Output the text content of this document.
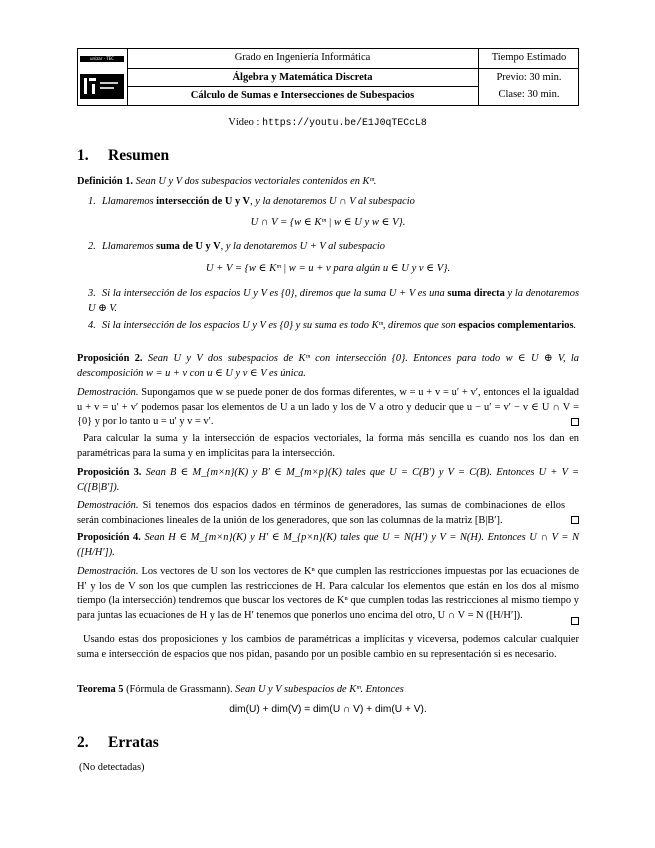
unizar · TEC	Grado en Ingeniería Informática
Álgebra y Matemática Discreta
Cálculo de Sumas e Intersecciones de Subespacios
Tiempo Estimado
Previo: 30 min.
Clase: 30 min.
Vídeo : https://youtu.be/E1J0qTECcL8
1. Resumen
Definición 1. Sean U y V dos subespacios vectoriales contenidos en Kᵐ.
1. Llamaremos intersección de U y V, y la denotaremos U ∩ V al subespacio
U ∩ V = {w ∈ Kᵐ | w ∈ U y w ∈ V}.
2. Llamaremos suma de U y V, y la denotaremos U + V al subespacio
U + V = {w ∈ Kᵐ | w = u + v para algún u ∈ U y v ∈ V}.
3. Si la intersección de los espacios U y V es {0}, diremos que la suma U + V es una suma directa y la denotaremos U ⊕ V.
4. Si la intersección de los espacios U y V es {0} y su suma es todo Kᵐ, diremos que son espacios complementarios.
Proposición 2. Sean U y V dos subespacios de Kᵐ con intersección {0}. Entonces para todo w ∈ U ⊕ V, la descomposición w = u + v con u ∈ U y v ∈ V es única.
Demostración. Supongamos que w se puede poner de dos formas diferentes, w = u + v = u′ + v′, entonces el la igualdad u + v = u′ + v′ podemos pasar los elementos de U a un lado y los de V a otro y deducir que u − u′ = v′ − v ∈ U ∩ V = {0} y por lo tanto u = u′ y v = v′.
Para calcular la suma y la intersección de espacios vectoriales, la forma más sencilla es cuando nos los dan en paramétricas para la suma y en implícitas para la intersección.
Proposición 3. Sean B ∈ M_{m×n}(K) y B′ ∈ M_{m×p}(K) tales que U = C(B′) y V = C(B). Entonces U + V = C([B|B′]).
Demostración. Si tenemos dos espacios dados en términos de generadores, las sumas de combinaciones de ellos serán combinaciones lineales de la unión de los generadores, que son las columnas de la matriz [B|B′].
Proposición 4. Sean H ∈ M_{m×n}(K) y H′ ∈ M_{p×n}(K) tales que U = N(H′) y V = N(H). Entonces U ∩ V = N ([H/H′]).
Demostración. Los vectores de U son los vectores de Kⁿ que cumplen las restricciones impuestas por las ecuaciones de H′ y los de V son los que cumplen las restricciones de H. Para calcular los elementos que están en los dos al mismo tiempo (la intersección) tendremos que buscar los vectores de Kⁿ que cumplen todas las restricciones al mismo tiempo y para juntas las ecuaciones de H y las de H′ tenemos que ponerlos uno encima del otro, U ∩ V = N ([H/H′]).
Usando estas dos proposiciones y los cambios de paramétricas a implícitas y viceversa, podemos calcular cualquier suma e intersección de espacios que nos pidan, pasando por un posible cambio en su representación si es necesario.
Teorema 5 (Fórmula de Grassmann). Sean U y V subespacios de Kᵐ. Entonces
dim(U) + dim(V) = dim(U ∩ V) + dim(U + V).
2. Erratas
(No detectadas)
